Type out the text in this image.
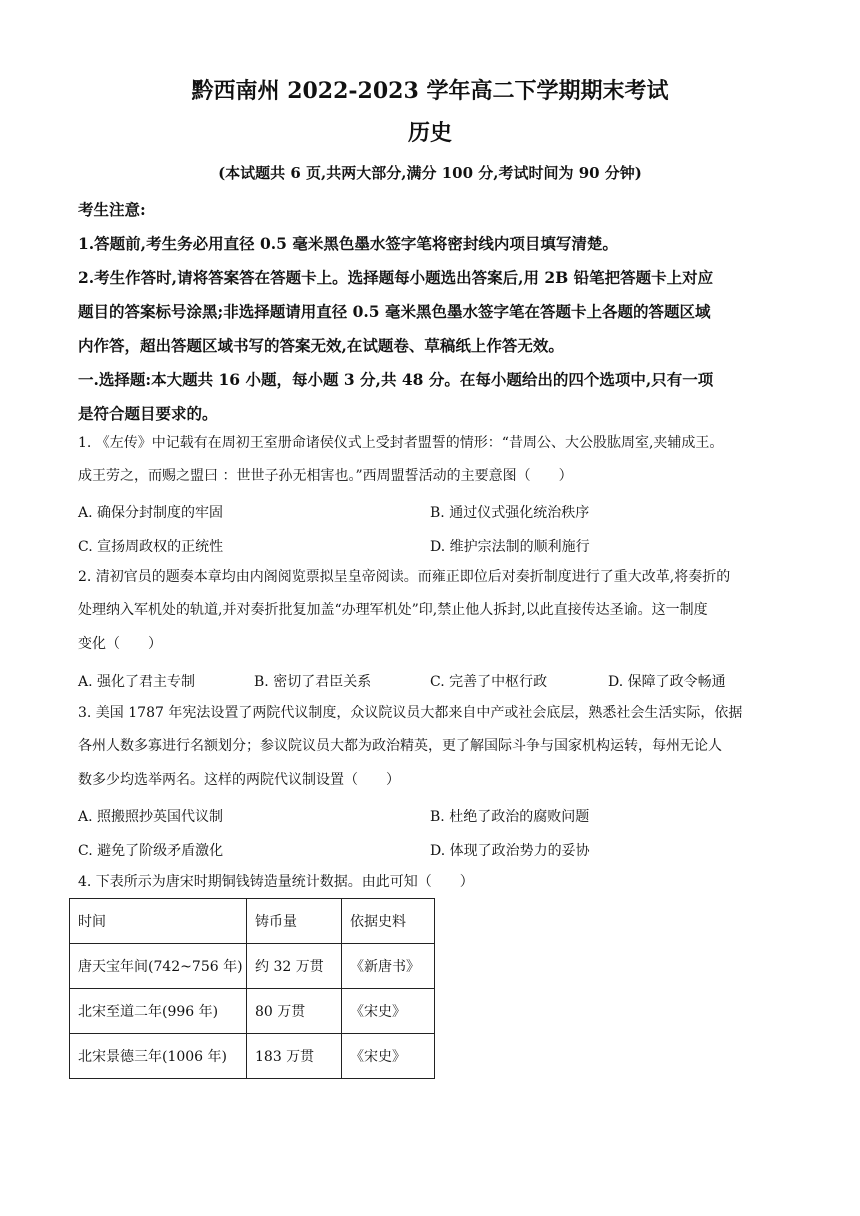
黔西南州 2022-2023 学年高二下学期期末考试
历史
(本试题共 6 页,共两大部分,满分 100 分,考试时间为 90 分钟)
考生注意:
1.答题前,考生务必用直径 0.5 毫米黑色墨水签字笔将密封线内项目填写清楚。
2.考生作答时,请将答案答在答题卡上。选择题每小题选出答案后,用 2B 铅笔把答题卡上对应
题目的答案标号涂黑;非选择题请用直径 0.5 毫米黑色墨水签字笔在答题卡上各题的答题区域
内作答，超出答题区域书写的答案无效,在试题卷、草稿纸上作答无效。
一.选择题:本大题共 16 小题，每小题 3 分,共 48 分。在每小题给出的四个选项中,只有一项
是符合题目要求的。
1. 《左传》中记载有在周初王室册命诸侯仪式上受封者盟誓的情形：“昔周公、大公股肱周室,夹辅成王。
成王劳之，而赐之盟曰 ：世世子孙无相害也。”西周盟誓活动的主要意图（　　）
A. 确保分封制度的牢固	B. 通过仪式强化统治秩序
C. 宣扬周政权的正统性	D. 维护宗法制的顺利施行
2. 清初官员的题奏本章均由内阁阅览票拟呈皇帝阅读。而雍正即位后对奏折制度进行了重大改革,将奏折的
处理纳入军机处的轨道,并对奏折批复加盖“办理军机处”印,禁止他人拆封,以此直接传达圣谕。这一制度
变化（　　）
A. 强化了君主专制	B. 密切了君臣关系	C. 完善了中枢行政	D. 保障了政令畅通
3. 美国 1787 年宪法设置了两院代议制度，众议院议员大都来自中产或社会底层，熟悉社会生活实际，依据
各州人数多寡进行名额划分；参议院议员大都为政治精英，更了解国际斗争与国家机构运转，每州无论人
数多少均选举两名。这样的两院代议制设置（　　）
A. 照搬照抄英国代议制	B. 杜绝了政治的腐败问题
C. 避免了阶级矛盾激化	D. 体现了政治势力的妥协
4. 下表所示为唐宋时期铜钱铸造量统计数据。由此可知（　　）
时间	铸币量	依据史料
唐天宝年间(742~756 年)	约 32 万贯	《新唐书》
北宋至道二年(996 年)	80 万贯	《宋史》
北宋景德三年(1006 年)	183 万贯	《宋史》
